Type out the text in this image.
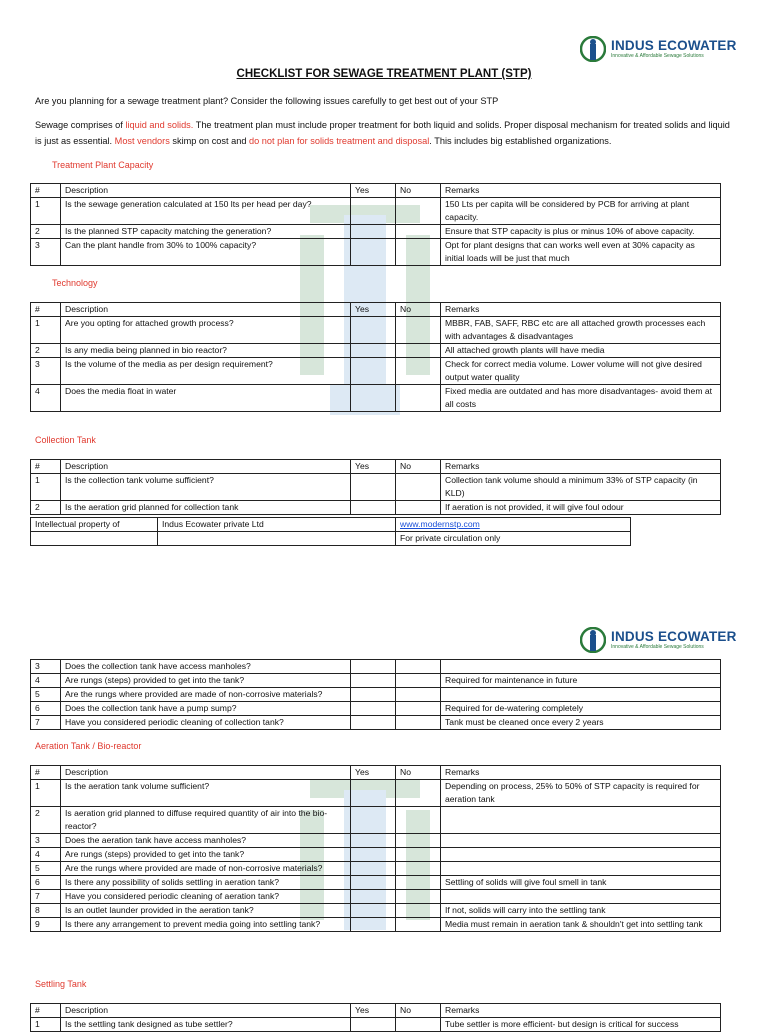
INDUS ECOWATER
Innovative & Affordable Sewage Solutions
CHECKLIST FOR SEWAGE TREATMENT PLANT (STP)
Are you planning for a sewage treatment plant? Consider the following issues carefully to get best out of your STP
Sewage comprises of liquid and solids. The treatment plan must include proper treatment for both liquid and solids. Proper disposal mechanism for treated solids and liquid is just as essential. Most vendors skimp on cost and do not plan for solids treatment and disposal. This includes big established organizations.
Treatment Plant Capacity
#	Description	Yes	No	Remarks
1	Is the sewage generation calculated at 150 lts per head per day?			150 Lts per capita will be considered by PCB for arriving at plant capacity.
2	Is the planned STP capacity matching the generation?			Ensure that STP capacity is plus or minus 10% of above capacity.
3	Can the plant handle from 30% to 100% capacity?			Opt for plant designs that can works well even at 30% capacity as initial loads will be just that much
Technology
#	Description	Yes	No	Remarks
1	Are you opting for attached growth process?			MBBR, FAB, SAFF, RBC etc are all attached growth processes each with advantages & disadvantages
2	Is any media being planned in bio reactor?			All attached growth plants will have media
3	Is the volume of the media as per design requirement?			Check for correct media volume. Lower volume will not give desired output water quality
4	Does the media float in water			Fixed media are outdated and has more disadvantages- avoid them at all costs
Collection Tank
#	Description	Yes	No	Remarks
1	Is the collection tank volume sufficient?			Collection tank volume should a minimum 33% of STP capacity (in KLD)
2	Is the aeration grid planned for collection tank			If aeration is not provided, it will give foul odour
Intellectual property of	Indus Ecowater private Ltd	www.modernstp.com
		For private circulation only
INDUS ECOWATER
Innovative & Affordable Sewage Solutions
3	Does the collection tank have access manholes?			
4	Are rungs (steps) provided to get into the tank?			Required for maintenance in future
5	Are the rungs where provided are made of non-corrosive materials?			
6	Does the collection tank have a pump sump?			Required for de-watering completely
7	Have you considered periodic cleaning of collection tank?			Tank must be cleaned once every 2 years
Aeration Tank / Bio-reactor
#	Description	Yes	No	Remarks
1	Is the aeration tank volume sufficient?			Depending on process, 25% to 50% of STP capacity is required for aeration tank
2	Is aeration grid planned to diffuse required quantity of air into the bio-reactor?			
3	Does the aeration tank have access manholes?			
4	Are rungs (steps) provided to get into the tank?			
5	Are the rungs where provided are made of non-corrosive materials?			
6	Is there any possibility of solids settling in aeration tank?			Settling of solids will give foul smell in tank
7	Have you considered periodic cleaning of aeration tank?			
8	Is an outlet launder provided in the aeration tank?			If not, solids will carry into the settling tank
9	Is there any arrangement to prevent media going into settling tank?			Media must remain in aeration tank & shouldn't get into settling tank
Settling Tank
#	Description	Yes	No	Remarks
1	Is the settling tank designed as tube settler?			Tube settler is more efficient- but design is critical for success
